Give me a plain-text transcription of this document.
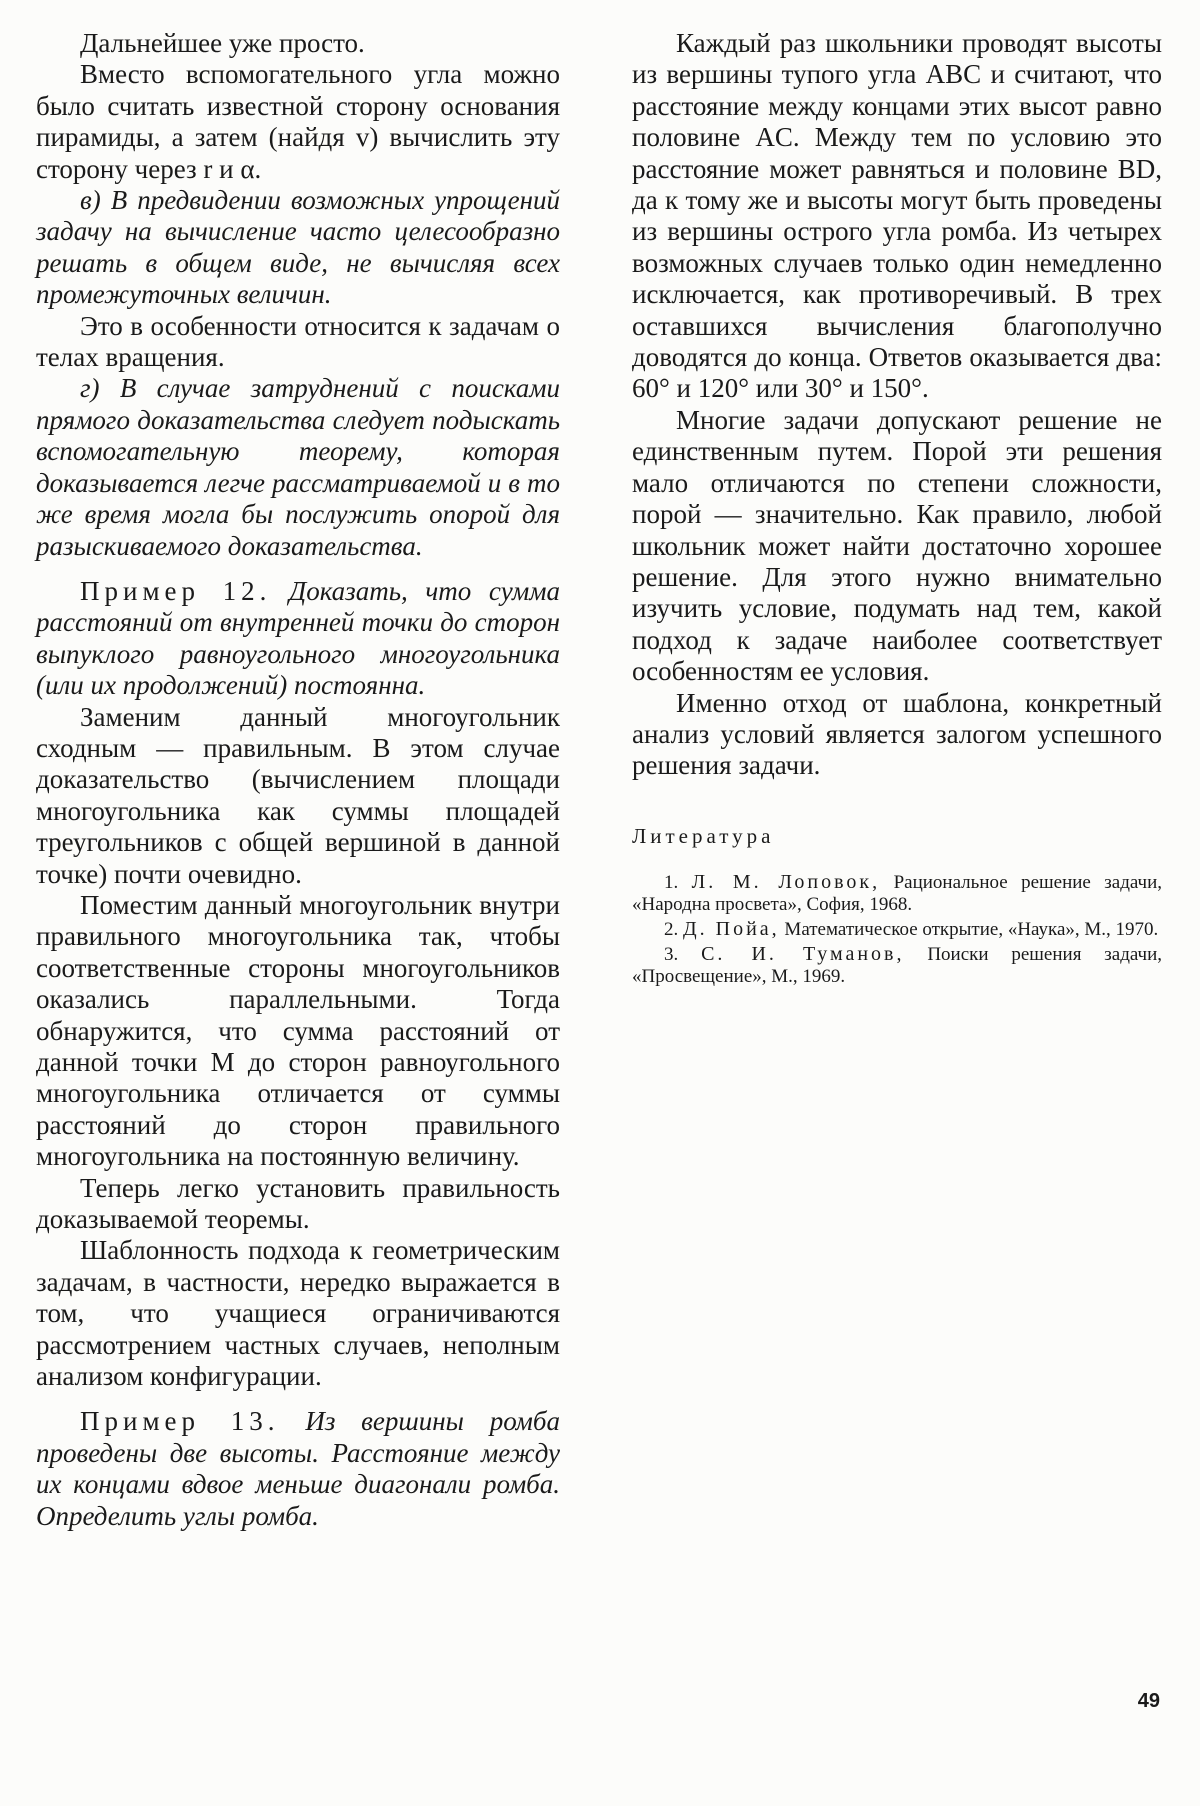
Дальнейшее уже просто.

Вместо вспомогательного угла можно было считать известной сторону основания пирамиды, а затем (найдя v) вычислить эту сторону через r и α.

в) В предвидении возможных упрощений задачу на вычисление часто целесообразно решать в общем виде, не вычисляя всех промежуточных величин.

Это в особенности относится к задачам о телах вращения.

г) В случае затруднений с поисками прямого доказательства следует подыскать вспомогательную теорему, которая доказывается легче рассматриваемой и в то же время могла бы послужить опорой для разыскиваемого доказательства.

Пример 12. Доказать, что сумма расстояний от внутренней точки до сторон выпуклого равноугольного многоугольника (или их продолжений) постоянна.

Заменим данный многоугольник сходным — правильным. В этом случае доказательство (вычислением площади многоугольника как суммы площадей треугольников с общей вершиной в данной точке) почти очевидно.

Поместим данный многоугольник внутри правильного многоугольника так, чтобы соответственные стороны многоугольников оказались параллельными. Тогда обнаружится, что сумма расстояний от данной точки M до сторон равноугольного многоугольника отличается от суммы расстояний до сторон правильного многоугольника на постоянную величину.

Теперь легко установить правильность доказываемой теоремы.

Шаблонность подхода к геометрическим задачам, в частности, нередко выражается в том, что учащиеся ограничиваются рассмотрением частных случаев, неполным анализом конфигурации.

Пример 13. Из вершины ромба проведены две высоты. Расстояние между их концами вдвое меньше диагонали ромба. Определить углы ромба.

Каждый раз школьники проводят высоты из вершины тупого угла ABC и считают, что расстояние между концами этих высот равно половине AC. Между тем по условию это расстояние может равняться и половине BD, да к тому же и высоты могут быть проведены из вершины острого угла ромба. Из четырех возможных случаев только один немедленно исключается, как противоречивый. В трех оставшихся вычисления благополучно доводятся до конца. Ответов оказывается два: 60° и 120° или 30° и 150°.

Многие задачи допускают решение не единственным путем. Порой эти решения мало отличаются по степени сложности, порой — значительно. Как правило, любой школьник может найти достаточно хорошее решение. Для этого нужно внимательно изучить условие, подумать над тем, какой подход к задаче наиболее соответствует особенностям ее условия.

Именно отход от шаблона, конкретный анализ условий является залогом успешного решения задачи.

Литература
1. Л. М. Лоповок, Рациональное решение задачи, «Народна просвета», София, 1968.
2. Д. Пойа, Математическое открытие, «Наука», М., 1970.
3. С. И. Туманов, Поиски решения задачи, «Просвещение», М., 1969.
49
